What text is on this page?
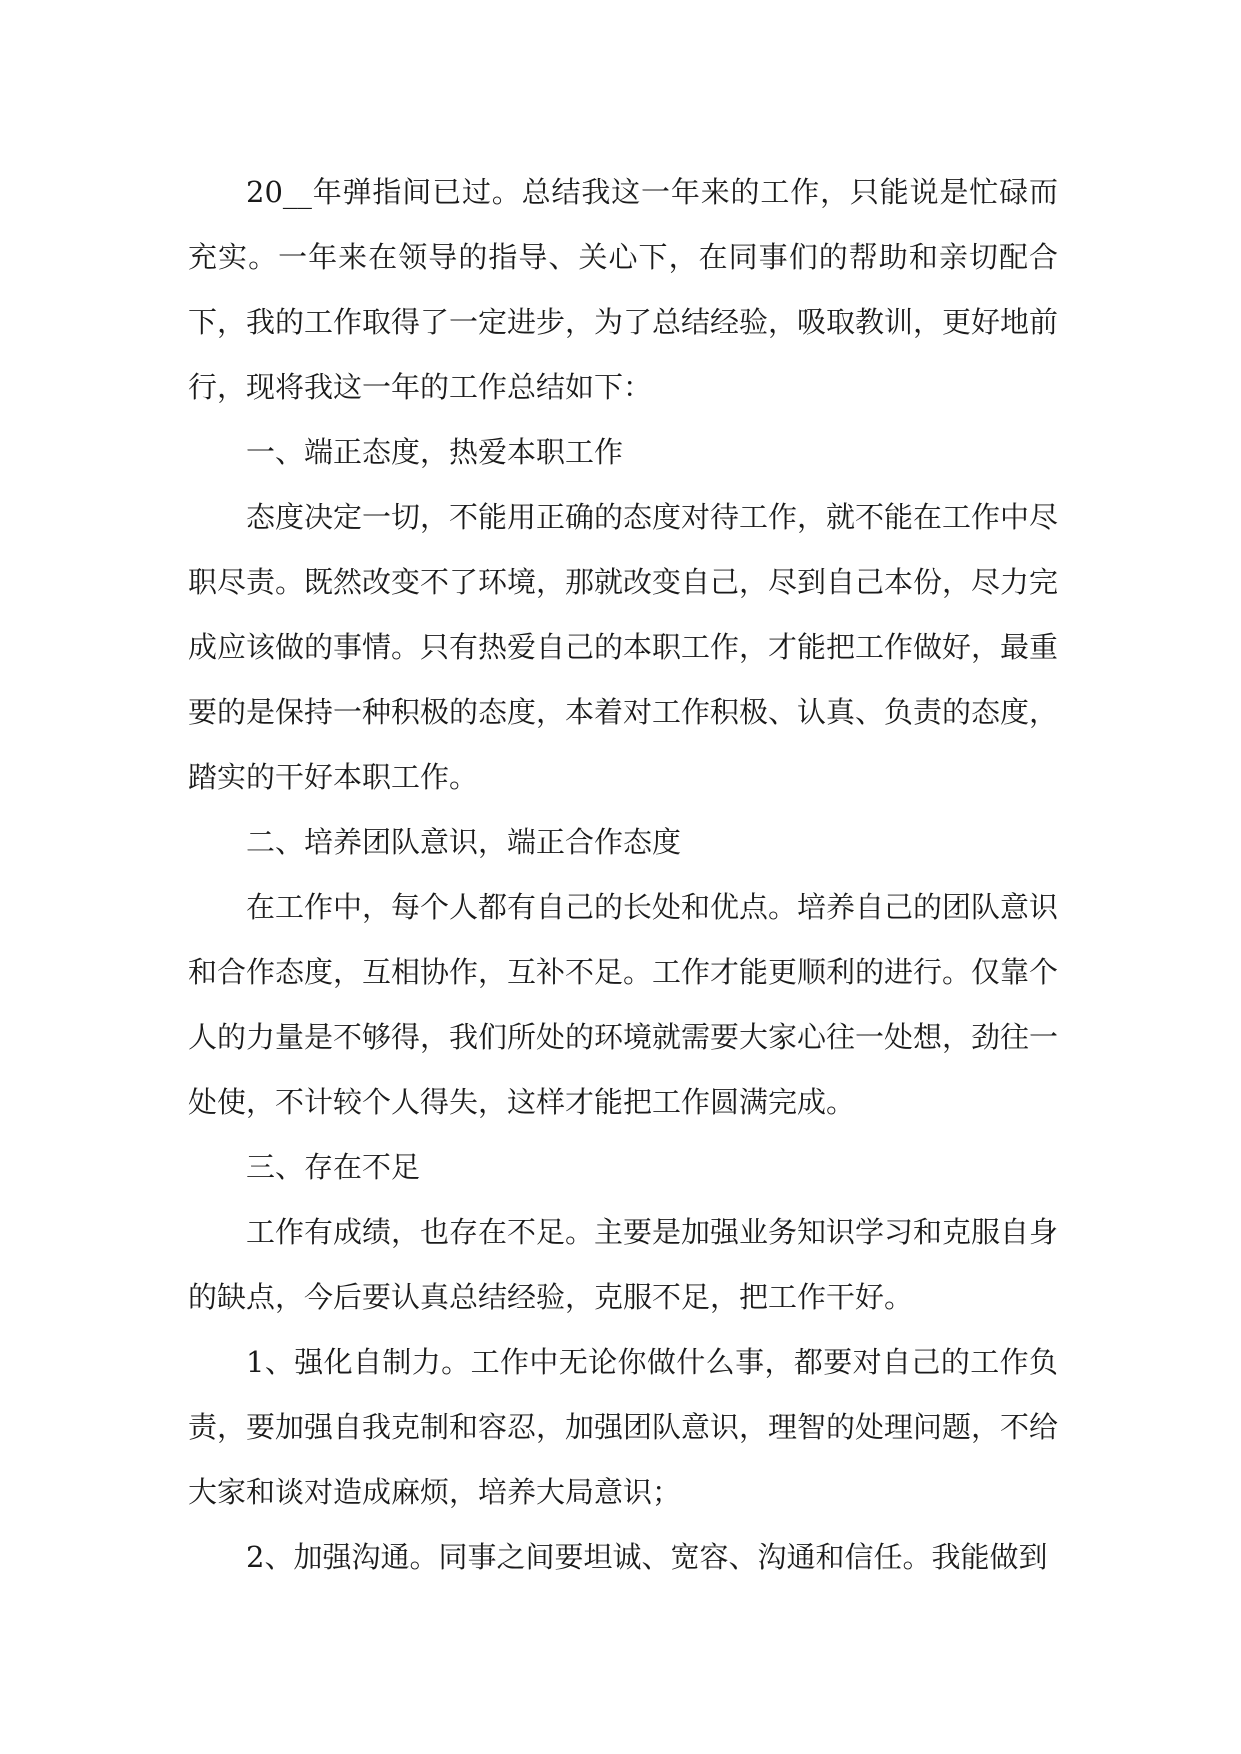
20__年弹指间已过。总结我这一年来的工作，只能说是忙碌而充实。一年来在领导的指导、关心下，在同事们的帮助和亲切配合下，我的工作取得了一定进步，为了总结经验，吸取教训，更好地前行，现将我这一年的工作总结如下：

一、端正态度，热爱本职工作

态度决定一切，不能用正确的态度对待工作，就不能在工作中尽职尽责。既然改变不了环境，那就改变自己，尽到自己本份，尽力完成应该做的事情。只有热爱自己的本职工作，才能把工作做好，最重要的是保持一种积极的态度，本着对工作积极、认真、负责的态度，踏实的干好本职工作。

二、培养团队意识，端正合作态度

在工作中，每个人都有自己的长处和优点。培养自己的团队意识和合作态度，互相协作，互补不足。工作才能更顺利的进行。仅靠个人的力量是不够得，我们所处的环境就需要大家心往一处想，劲往一处使，不计较个人得失，这样才能把工作圆满完成。

三、存在不足

工作有成绩，也存在不足。主要是加强业务知识学习和克服自身的缺点，今后要认真总结经验，克服不足，把工作干好。

1、强化自制力。工作中无论你做什么事，都要对自己的工作负责，要加强自我克制和容忍，加强团队意识，理智的处理问题，不给大家和谈对造成麻烦，培养大局意识；

2、加强沟通。同事之间要坦诚、宽容、沟通和信任。我能做到
